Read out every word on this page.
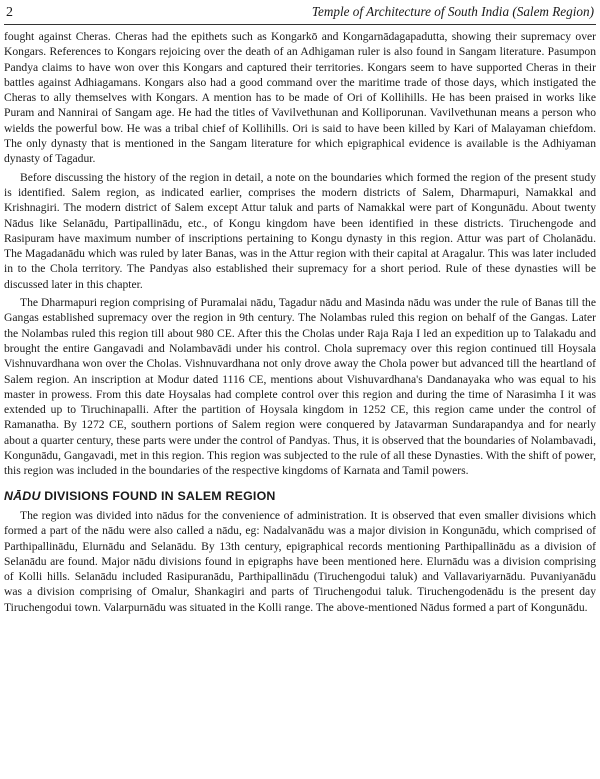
2	Temple of Architecture of South India (Salem Region)

fought against Cheras. Cheras had the epithets such as Kongarkō and Kongarnādagapadutta, showing their supremacy over Kongars. References to Kongars rejoicing over the death of an Adhigaman ruler is also found in Sangam literature. Pasumpon Pandya claims to have won over this Kongars and captured their territories. Kongars seem to have supported Cheras in their battles against Adhiagamans. Kongars also had a good command over the maritime trade of those days, which instigated the Cheras to ally themselves with Kongars. A mention has to be made of Ori of Kollihills. He has been praised in works like Puram and Nannirai of Sangam age. He had the titles of Vavilvethunan and Kolliporunan. Vavilvethunan means a person who wields the powerful bow. He was a tribal chief of Kollihills. Ori is said to have been killed by Kari of Malayaman chiefdom. The only dynasty that is mentioned in the Sangam literature for which epigraphical evidence is available is the Adhiyaman dynasty of Tagadur.

Before discussing the history of the region in detail, a note on the boundaries which formed the region of the present study is identified. Salem region, as indicated earlier, comprises the modern districts of Salem, Dharmapuri, Namakkal and Krishnagiri. The modern district of Salem except Attur taluk and parts of Namakkal were part of Kongunādu. About twenty Nādus like Selanādu, Partipallinādu, etc., of Kongu kingdom have been identified in these districts. Tiruchengode and Rasipuram have maximum number of inscriptions pertaining to Kongu dynasty in this region. Attur was part of Cholanādu. The Magadanādu which was ruled by later Banas, was in the Attur region with their capital at Aragalur. This was later included in to the Chola territory. The Pandyas also established their supremacy for a short period. Rule of these dynasties will be discussed later in this chapter.

The Dharmapuri region comprising of Puramalai nādu, Tagadur nādu and Masinda nādu was under the rule of Banas till the Gangas established supremacy over the region in 9th century. The Nolambas ruled this region on behalf of the Gangas. Later the Nolambas ruled this region till about 980 CE. After this the Cholas under Raja Raja I led an expedition up to Talakadu and brought the entire Gangavadi and Nolambavādi under his control. Chola supremacy over this region continued till Hoysala Vishnuvardhana won over the Cholas. Vishnuvardhana not only drove away the Chola power but advanced till the heartland of Salem region. An inscription at Modur dated 1116 CE, mentions about Vishuvardhana's Dandanayaka who was equal to his master in prowess. From this date Hoysalas had complete control over this region and during the time of Narasimha I it was extended up to Tiruchinapalli. After the partition of Hoysala kingdom in 1252 CE, this region came under the control of Ramanatha. By 1272 CE, southern portions of Salem region were conquered by Jatavarman Sundarapandya and for nearly about a quarter century, these parts were under the control of Pandyas. Thus, it is observed that the boundaries of Nolambavadi, Kongunādu, Gangavadi, met in this region. This region was subjected to the rule of all these Dynasties. With the shift of power, this region was included in the boundaries of the respective kingdoms of Karnata and Tamil powers.

NĀDU DIVISIONS FOUND IN SALEM REGION

The region was divided into nādus for the convenience of administration. It is observed that even smaller divisions which formed a part of the nādu were also called a nādu, eg: Nadalvanādu was a major division in Kongunādu, which comprised of Parthipallinādu, Elurnādu and Selanādu. By 13th century, epigraphical records mentioning Parthipallinādu as a division of Selanādu are found. Major nādu divisions found in epigraphs have been mentioned here. Elurnādu was a division comprising of Kolli hills. Selanādu included Rasipuranādu, Parthipallinādu (Tiruchengodui taluk) and Vallavariyarnādu. Puvaniyanādu was a division comprising of Omalur, Shankagiri and parts of Tiruchengodui taluk. Tiruchengodenādu is the present day Tiruchengodui town. Valarpurnādu was situated in the Kolli range. The above-mentioned Nādus formed a part of Kongunādu.
